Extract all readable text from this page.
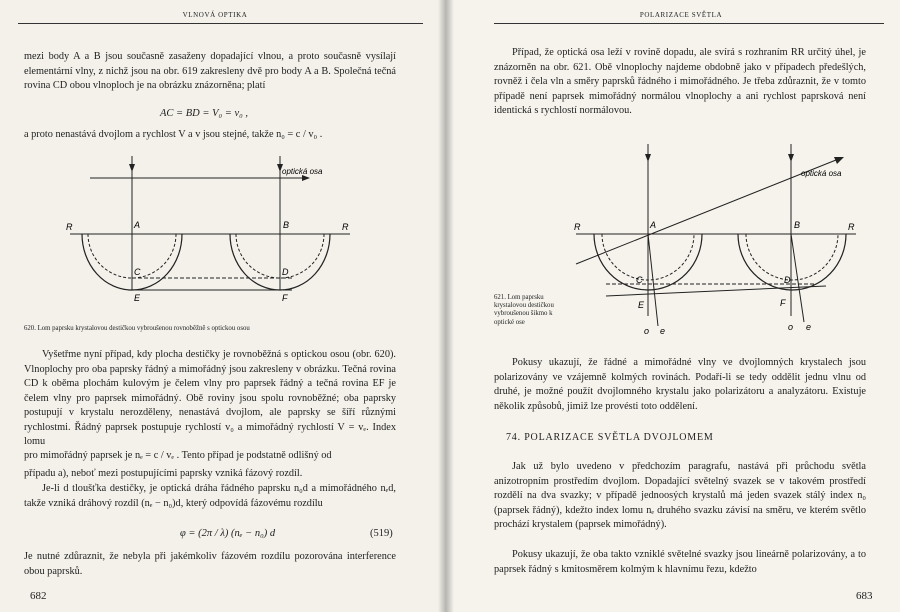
VLNOVÁ OPTIKA
mezi body A a B jsou současně zasaženy dopadající vlnou, a proto současně vysílají elementární vlny, z nichž jsou na obr. 619 zakresleny dvě pro body A a B. Společná tečná rovina CD obou vlnoploch je na obrázku znázorněna; platí
AC = BD = V₀ = v₀ ,
a proto nenastává dvojlom a rychlost V a v jsou stejné, takže n₀ = c / v₀ .
optická osa
R	R
A	B
C	D
E	F
620. Lom paprsku krystalovou destičkou vybroušenou rovnoběžně s optickou osou
Vyšetřme nyní případ, kdy plocha destičky je rovnoběžná s optickou osou (obr. 620). Vlnoplochy pro oba paprsky řádný a mimořádný jsou zakresleny v obrázku. Tečná rovina CD k oběma plochám kulovým je čelem vlny pro paprsek řádný a tečná rovina EF je čelem vlny pro paprsek mimořádný. Obě roviny jsou spolu rovnoběžné; oba paprsky postupují v krystalu nerozděleny, nenastává dvojlom, ale paprsky se šíří různými rychlostmi. Řádný paprsek postupuje rychlostí v₀ a mimořádný rychlostí V = vₑ. Index lomu
pro mimořádný paprsek je nₑ = c / vₑ . Tento případ je podstatně odlišný od
případu a), neboť mezi postupujícími paprsky vzniká fázový rozdíl.
Je-li d tloušťka destičky, je optická dráha řádného paprsku n₀d a mimořádného nₑd, takže vzniká dráhový rozdíl (nₑ − n₀)d, který odpovídá fázovému rozdílu
φ = (2π / λ) (nₑ − n₀) d	(519)
Je nutné zdůraznit, že nebyla při jakémkoliv fázovém rozdílu pozorována interference obou paprsků.
682
POLARIZACE SVĚTLA
Případ, že optická osa leží v rovině dopadu, ale svírá s rozhraním RR určitý úhel, je znázorněn na obr. 621. Obě vlnoplochy najdeme obdobně jako v případech předešlých, rovněž i čela vln a směry paprsků řádného i mimořádného. Je třeba zdůraznit, že v tomto případě není paprsek mimořádný normálou vlnoplochy a ani rychlost paprsková není identická s rychlostí normálovou.
optická osa
R	R
A	B
C	D
E	F
o e	o e
621. Lom paprsku krystalovou destičkou vybroušenou šikmo k optické ose
Pokusy ukazují, že řádné a mimořádné vlny ve dvojlomných krystalech jsou polarizovány ve vzájemně kolmých rovinách. Podaří-li se tedy oddělit jednu vlnu od druhé, je možné použít dvojlomného krystalu jako polarizátoru a analyzátoru. Existuje několik způsobů, jimiž lze provésti toto oddělení.
74. POLARIZACE SVĚTLA DVOJLOMEM
Jak už bylo uvedeno v předchozím paragrafu, nastává při průchodu světla anizotropním prostředím dvojlom. Dopadající světelný svazek se v takovém prostředí rozdělí na dva svazky; v případě jednoosých krystalů má jeden svazek stálý index n₀ (paprsek řádný), kdežto index lomu nₑ druhého svazku závisí na směru, ve kterém světlo prochází krystalem (paprsek mimořádný).
Pokusy ukazují, že oba takto vzniklé světelné svazky jsou lineárně polarizovány, a to paprsek řádný s kmitosměrem kolmým k hlavnímu řezu, kdežto
683
